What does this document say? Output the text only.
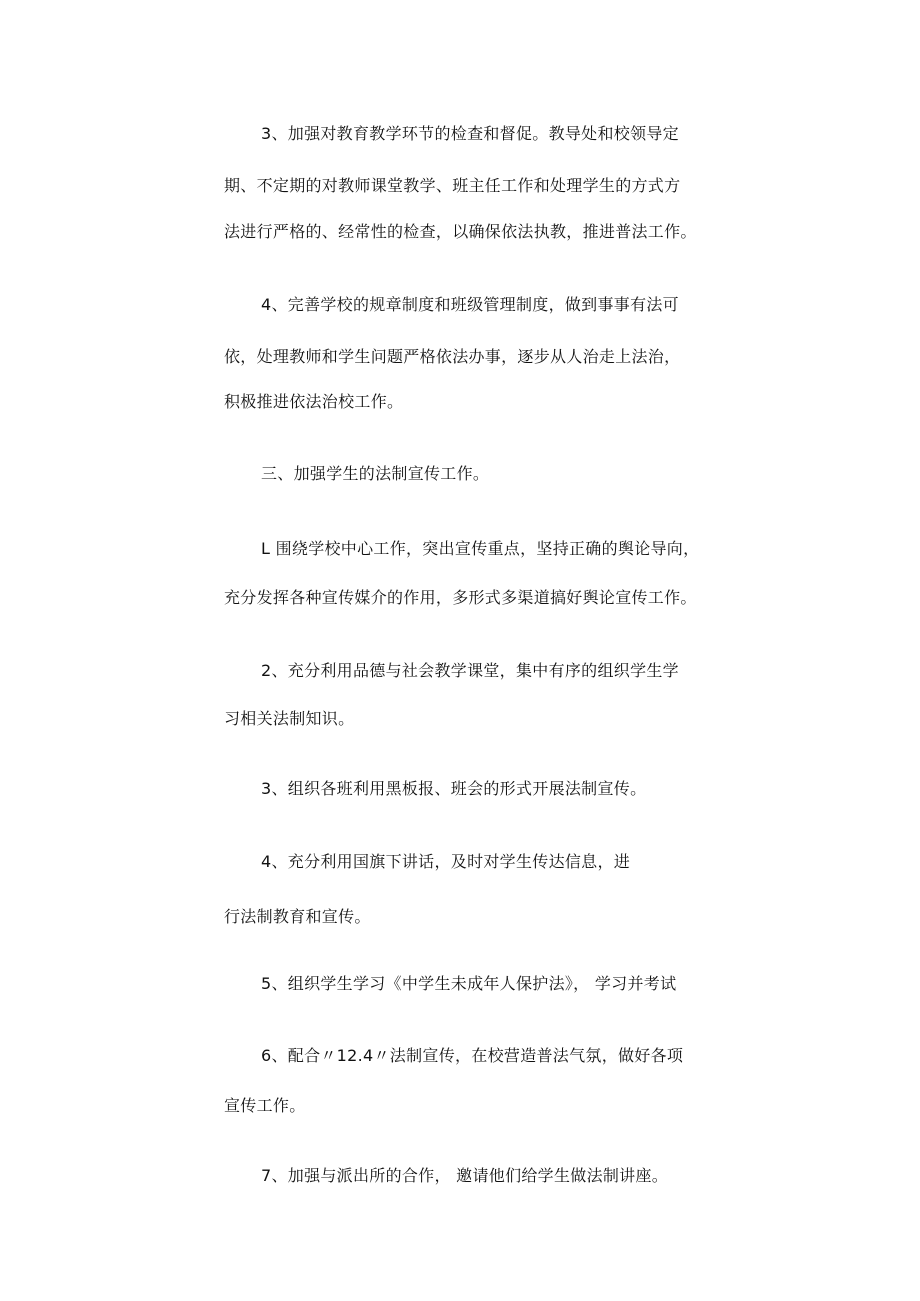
3、加强对教育教学环节的检查和督促。教导处和校领导定
期、不定期的对教师课堂教学、班主任工作和处理学生的方式方
法进行严格的、经常性的检查，以确保依法执教，推进普法工作。
4、完善学校的规章制度和班级管理制度，做到事事有法可
依，处理教师和学生问题严格依法办事，逐步从人治走上法治，
积极推进依法治校工作。
三、加强学生的法制宣传工作。
L 围绕学校中心工作，突出宣传重点，坚持正确的舆论导向，
充分发挥各种宣传媒介的作用，多形式多渠道搞好舆论宣传工作。
2、充分利用品德与社会教学课堂，集中有序的组织学生学
习相关法制知识。
3、组织各班利用黑板报、班会的形式开展法制宣传。
4、充分利用国旗下讲话，及时对学生传达信息，进
行法制教育和宣传。
5、组织学生学习《中学生未成年人保护法》， 学习并考试
6、配合〃12.4〃法制宣传，在校营造普法气氛，做好各项
宣传工作。
7、加强与派出所的合作， 邀请他们给学生做法制讲座。
